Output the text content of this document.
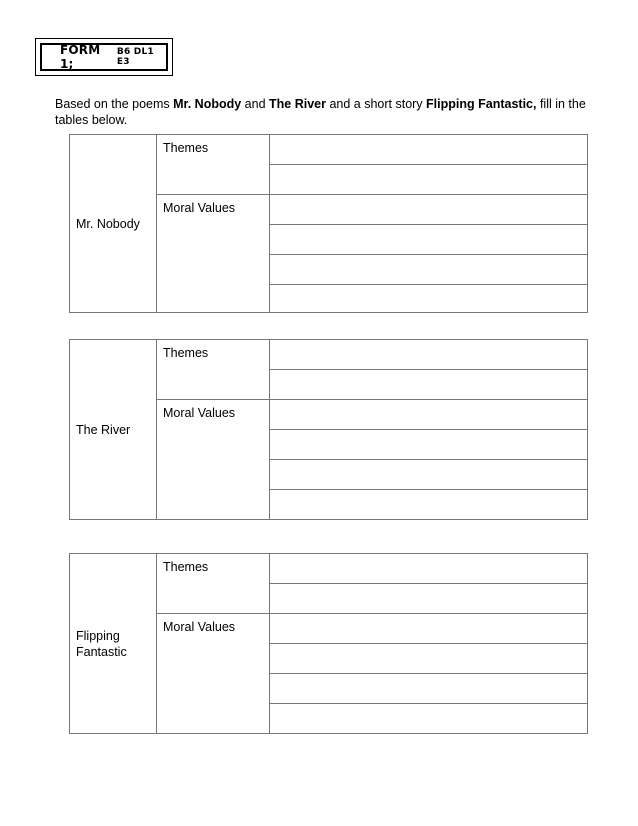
FORM 1;
B6 DL1 E3
Based on the poems Mr. Nobody and The River and a short story Flipping Fantastic, fill in the tables below.
Mr. Nobody	Themes	

	Moral Values	

The River	Themes	

	Moral Values	

Flipping
Fantastic	Themes	

	Moral Values	
